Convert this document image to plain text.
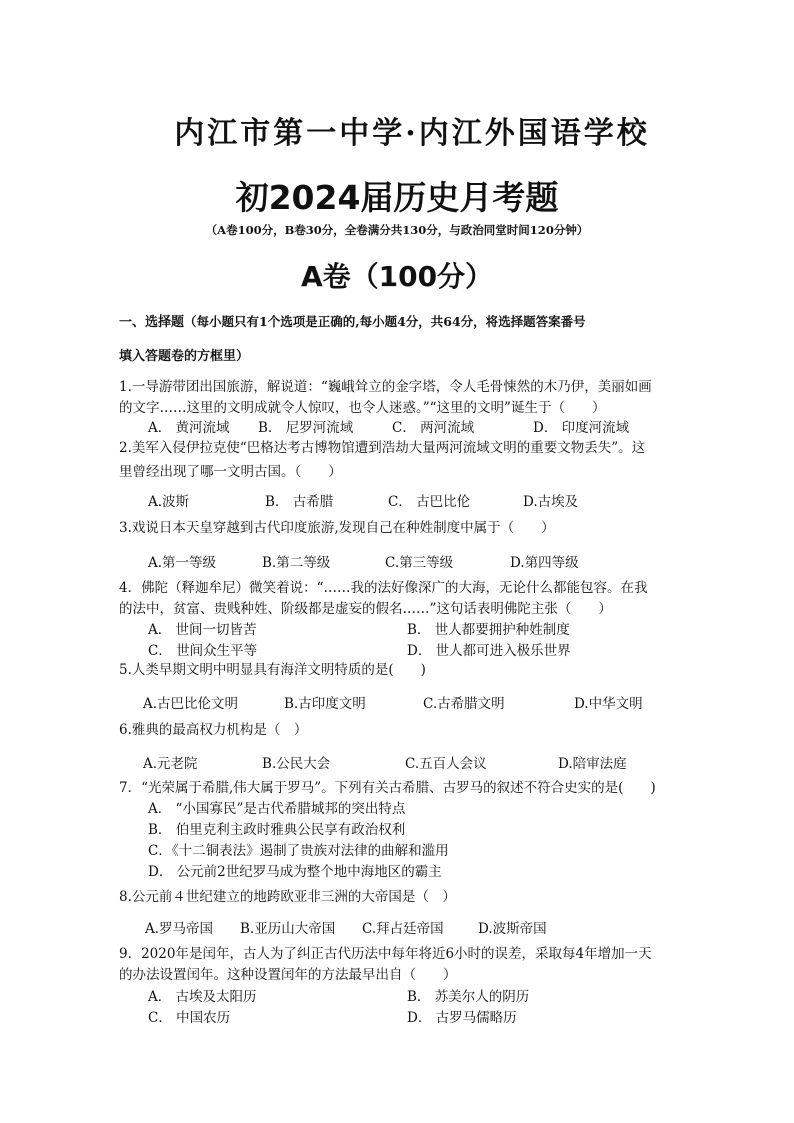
内江市第一中学·内江外国语学校
初2024届历史月考题
（A卷100分，B卷30分，全卷满分共130分，与政治同堂时间120分钟）
A卷（100分）
一、选择题（每小题只有1个选项是正确的,每小题4分，共64分，将选择题答案番号
填入答题卷的方框里）
1.一导游带团出国旅游，解说道：“巍峨耸立的金字塔，令人毛骨悚然的木乃伊，美丽如画
的文字……这里的文明成就令人惊叹，也令人迷惑。”“这里的文明”诞生于（　　）
A． 黄河流域 B． 尼罗河流域	C． 两河流域	D． 印度河流域
2.美军入侵伊拉克使“巴格达考古博物馆遭到浩劫大量两河流域文明的重要文物丢失”。这
里曾经出现了哪一文明古国。（　　）
A.波斯	B． 古希腊	C． 古巴比伦	D.古埃及
3.戏说日本天皇穿越到古代印度旅游,发现自己在种姓制度中属于（　　）
A.第一等级	B.第二等级	C.第三等级	D.第四等级
4．佛陀（释迦牟尼）微笑着说：“……我的法好像深广的大海，无论什么都能包容。在我
的法中，贫富、贵贱种姓、阶级都是虚妄的假名……”这句话表明佛陀主张（　　）
A． 世间一切皆苦	B． 世人都要拥护种姓制度
C． 世间众生平等	D． 世人都可进入极乐世界
5.人类早期文明中明显具有海洋文明特质的是(　　)
A.古巴比伦文明	B.古印度文明	C.古希腊文明	D.中华文明
6.雅典的最高权力机构是（　）
A.元老院	B.公民大会	C.五百人会议	D.陪审法庭
7．“光荣属于希腊,伟大属于罗马”。下列有关古希腊、古罗马的叙述不符合史实的是(　　)
A． “小国寡民”是古代希腊城邦的突出特点
B． 伯里克利主政时雅典公民享有政治权利
C．《十二铜表法》遏制了贵族对法律的曲解和滥用
D． 公元前2世纪罗马成为整个地中海地区的霸主
8.公元前４世纪建立的地跨欧亚非三洲的大帝国是（　）
A.罗马帝国 B.亚历山大帝国 C.拜占廷帝国	D.波斯帝国
9．2020年是闰年，古人为了纠正古代历法中每年将近6小时的误差，采取每4年增加一天
的办法设置闰年。这种设置闰年的方法最早出自（　　）
A． 古埃及太阳历	B． 苏美尔人的阴历
C． 中国农历	D． 古罗马儒略历
